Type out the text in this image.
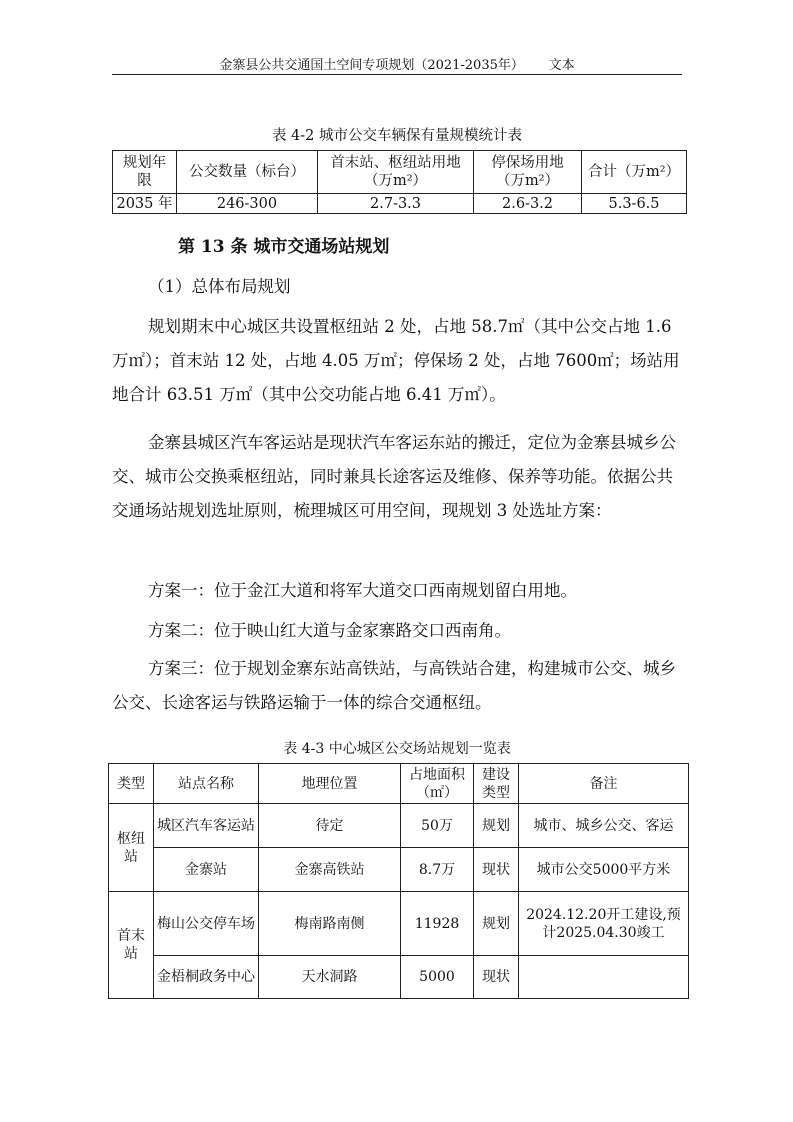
金寨县公共交通国土空间专项规划（2021-2035年）      文本
表 4-2 城市公交车辆保有量规模统计表
规划年限	公交数量（标台）	首末站、枢纽站用地（万m²）	停保场用地（万m²）	合计（万m²）
2035 年	246-300	2.7-3.3	2.6-3.2	5.3-6.5
第 13 条 城市交通场站规划
（1）总体布局规划
规划期末中心城区共设置枢纽站 2 处，占地 58.7㎡（其中公交占地 1.6 万㎡）；首末站 12 处，占地 4.05 万㎡；停保场 2 处，占地 7600㎡；场站用地合计 63.51 万㎡（其中公交功能占地 6.41 万㎡）。
金寨县城区汽车客运站是现状汽车客运东站的搬迁，定位为金寨县城乡公交、城市公交换乘枢纽站，同时兼具长途客运及维修、保养等功能。依据公共交通场站规划选址原则，梳理城区可用空间，现规划 3 处选址方案：
方案一：位于金江大道和将军大道交口西南规划留白用地。
方案二：位于映山红大道与金家寨路交口西南角。
方案三：位于规划金寨东站高铁站，与高铁站合建，构建城市公交、城乡公交、长途客运与铁路运输于一体的综合交通枢纽。
表 4-3 中心城区公交场站规划一览表
类型	站点名称	地理位置	占地面积（㎡）	建设类型	备注
枢纽站	城区汽车客运站	待定	50万	规划	城市、城乡公交、客运
	金寨站	金寨高铁站	8.7万	现状	城市公交5000平方米
首末站	梅山公交停车场	梅南路南侧	11928	规划	2024.12.20开工建设,预计2025.04.30竣工
	金梧桐政务中心	天水洞路	5000	现状	
